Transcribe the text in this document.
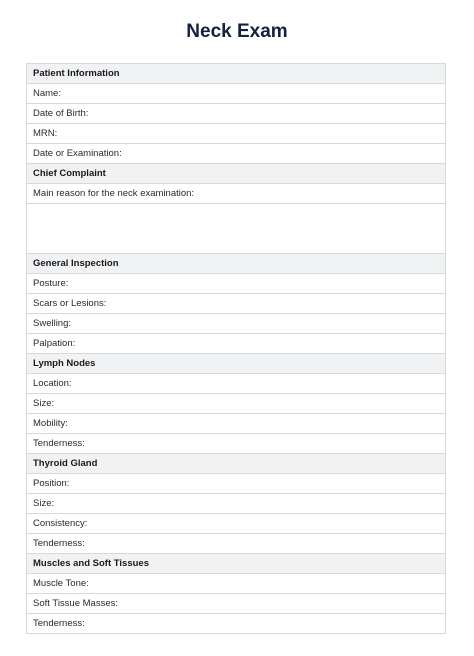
Neck Exam
Patient Information
Name:
Date of Birth:
MRN:
Date or Examination:
Chief Complaint
Main reason for the neck examination:
General Inspection
Posture:
Scars or Lesions:
Swelling:
Palpation:
Lymph Nodes
Location:
Size:
Mobility:
Tenderness:
Thyroid Gland
Position:
Size:
Consistency:
Tenderness:
Muscles and Soft Tissues
Muscle Tone:
Soft Tissue Masses:
Tenderness:
